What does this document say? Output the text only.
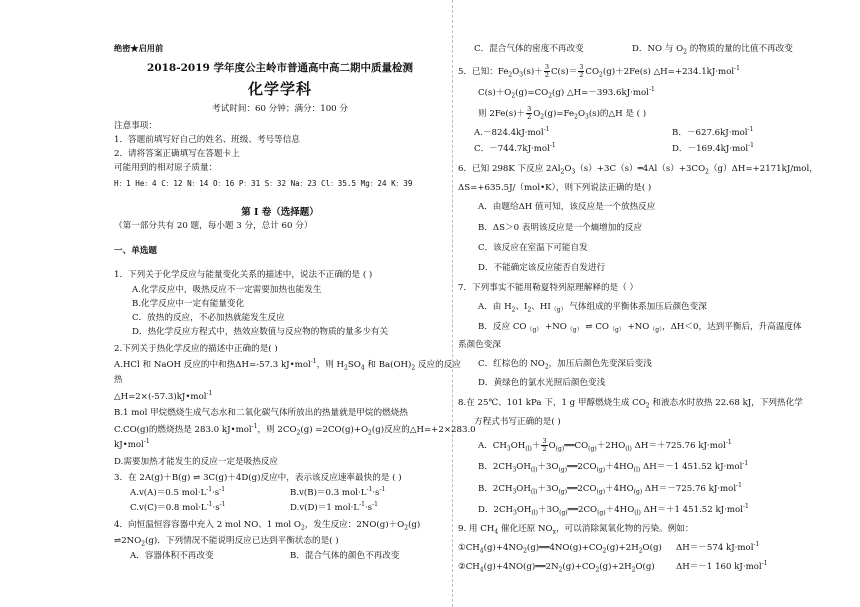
绝密★启用前
2018-2019 学年度公主岭市普通高中高二期中质量检测
化学学科
考试时间：60 分钟；满分：100 分
注意事项：
1．答题前填写好自己的姓名、班级、考号等信息
2．请将答案正确填写在答题卡上
可能用到的相对原子质量：
H：1 He：4 C：12 N：14 O：16 P：31 S：32 Na：23 Cl：35.5 Mg：24 K：39
第 I 卷（选择题）
（第一部分共有 20 题，每小题 3 分，总计 60 分）
一、单选题
1．下列关于化学反应与能量变化关系的描述中，说法不正确的是 ( )
A.化学反应中，吸热反应不一定需要加热也能发生
B.化学反应中一定有能量变化
C．放热的反应，不必加热就能发生反应
D．热化学反应方程式中，热效应数值与反应物的物质的量多少有关
2.下列关于热化学反应的描述中正确的是( )
A.HCl 和 NaOH 反应的中和热ΔH=-57.3 kJ•mol$^{-1}$，则 $H_2SO_4$ 和 $Ba(OH)_2$ 反应的反应
热
△H=2×(-57.3)kJ•mol$^{-1}$
B.1 mol 甲烷燃烧生成气态水和二氧化碳气体所放出的热量就是甲烷的燃烧热
C.CO(g)的燃烧热是 283.0 kJ•mol$^{-1}$，则 $2CO_2(g) =2CO(g)+O_2(g)$反应的△H=+2×283.0
kJ•mol$^{-1}$
D.需要加热才能发生的反应一定是吸热反应
3．在 2A(g)＋B(g) ⇌ 3C(g)＋4D(g)反应中，表示该反应速率最快的是 ( )
A.v(A)＝0.5 $mol\cdot L^{-1}\cdot s^{-1}$	B.v(B)＝0.3 $mol\cdot L^{-1}\cdot s^{-1}$
C.v(C)＝0.8 $mol\cdot L^{-1}\cdot s^{-1}$	D.v(D)＝1 $mol\cdot L^{-1}\cdot s^{-1}$
4．向恒温恒容容器中充入 2 mol NO、1 mol $O_2$，发生反应：$2NO(g)+O_2(g)$
$\rightleftharpoons 2NO_2(g)$．下列情况不能说明反应已达到平衡状态的是( )
A．容器体积不再改变	B．混合气体的颜色不再改变
C．混合气体的密度不再改变	D．NO 与 $O_2$ 的物质的量的比值不再改变
5．已知：$Fe_2O_3(s)+ \frac{3}{2} C(s)= \frac{3}{2} CO_2(g)+2Fe(s)$ △H=+234.1kJ·mol$^{-1}$
$C(s)+O_2(g)=CO_2(g)$ △H=－393.6kJ·mol$^{-1}$
则 $2Fe(s)+ \frac{3}{2} O_2(g)=Fe_2O_3(s)$的△H 是 ( )
A.－824.4kJ·mol$^{-1}$	B．－627.6kJ·mol$^{-1}$
C．－744.7kJ·mol$^{-1}$	D．－169.4kJ·mol$^{-1}$
6．已知 298K 下反应 $2Al_2O_3(s)+3C(s)═4Al(s)+3CO_2(g)\Delta H=+2171kJ$/mol，
ΔS=+635.5J/（mol•K），则下列说法正确的是( )
A．由题给ΔH 值可知，该反应是一个放热反应
B．ΔS＞0 表明该反应是一个熵增加的反应
C．该反应在室温下可能自发
D．不能确定该反应能否自发进行
7．下列事实不能用勒夏特列原理解释的是（ ）
A．由 $H_2$、$I_2$、$HI_{(g)}$ 气体组成的平衡体系加压后颜色变深
B．反应 $CO_{(g)} +NO_{(g)}$ ⇌ $CO_{(g)} +NO_{(g)}$，ΔH＜0，达到平衡后，升高温度体
系颜色变深
C．红棕色的 $NO_2$，加压后颜色先变深后变浅
D．黄绿色的氯水光照后颜色变浅
8.在 25℃、101 kPa 下，1 g 甲醇燃烧生成 $CO_2$ 和液态水时放热 22.68 kJ，下列热化学
方程式书写正确的是( )
A．$CH_3OH_{(l)}+ \frac{3}{2}$ $O_{(g)}══CO_{(g)}+2HO_{(l)}$ ΔH＝＋725.76 kJ·mol$^{-1}$
B．$2CH_3OH_{(l)}+3O_{(g)}══2CO_{(g)}+4HO_{(l)}$ ΔH＝－1 451.52 kJ·mol$^{-1}$
B．$2CH_3OH_{(l)}+3O_{(g)}══2CO_{(g)}+4HO_{(g)}$ ΔH＝－725.76 kJ·mol$^{-1}$
D．$2CH_3OH_{(l)}+3O_{(g)}══2CO_{(g)}+4HO_{(l)}$ ΔH＝＋1 451.52 kJ·mol$^{-1}$
9. 用 $CH_4$ 催化还原 $NO_x$，可以消除氮氧化物的污染。例如：
$①CH_4(g)+4NO_2(g)══4NO(g)+CO_2(g)+2H_2O(g)$ ΔH＝－574 kJ·mol$^{-1}$
$②CH_4(g)+4NO(g)══2N_2(g)+CO_2(g)+2H_2O(g)$ ΔH＝－1 160 kJ·mol$^{-1}$
